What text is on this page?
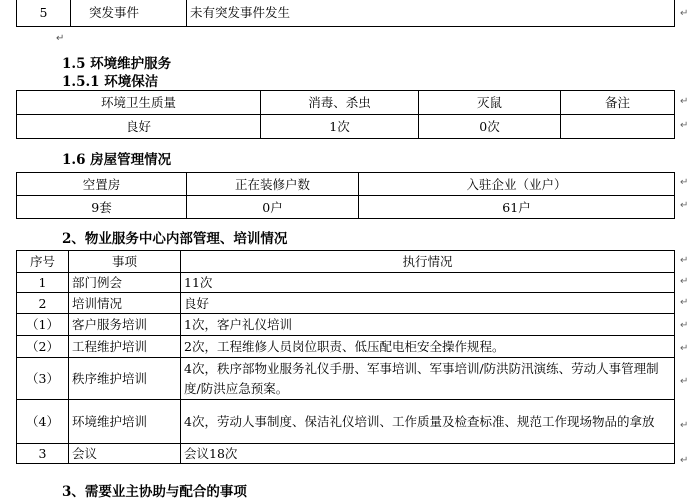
5	突发事件	未有突发事件发生
↵
1.5 环境维护服务
1.5.1 环境保洁
环境卫生质量	消毒、杀虫	灭鼠	备注
良好	1次	0次	
1.6 房屋管理情况
空置房	正在装修户数	入驻企业（业户）
9套	0户	61户
2、物业服务中心内部管理、培训情况
序号	事项	执行情况
1	部门例会	11次
2	培训情况	良好
（1）	客户服务培训	1次，客户礼仪培训
（2）	工程维护培训	2次，工程维修人员岗位职责、低压配电柜安全操作规程。
（3）	秩序维护培训	4次，秩序部物业服务礼仪手册、军事培训、军事培训/防洪防汛演练、劳动人事管理制度/防洪应急预案。
（4）	环境维护培训	4次，劳动人事制度、保洁礼仪培训、工作质量及检查标准、规范工作现场物品的拿放
3	会议	会议18次
3、需要业主协助与配合的事项
↵
↵
↵
↵
↵
↵
↵
↵
↵
↵
↵
↵
↵
